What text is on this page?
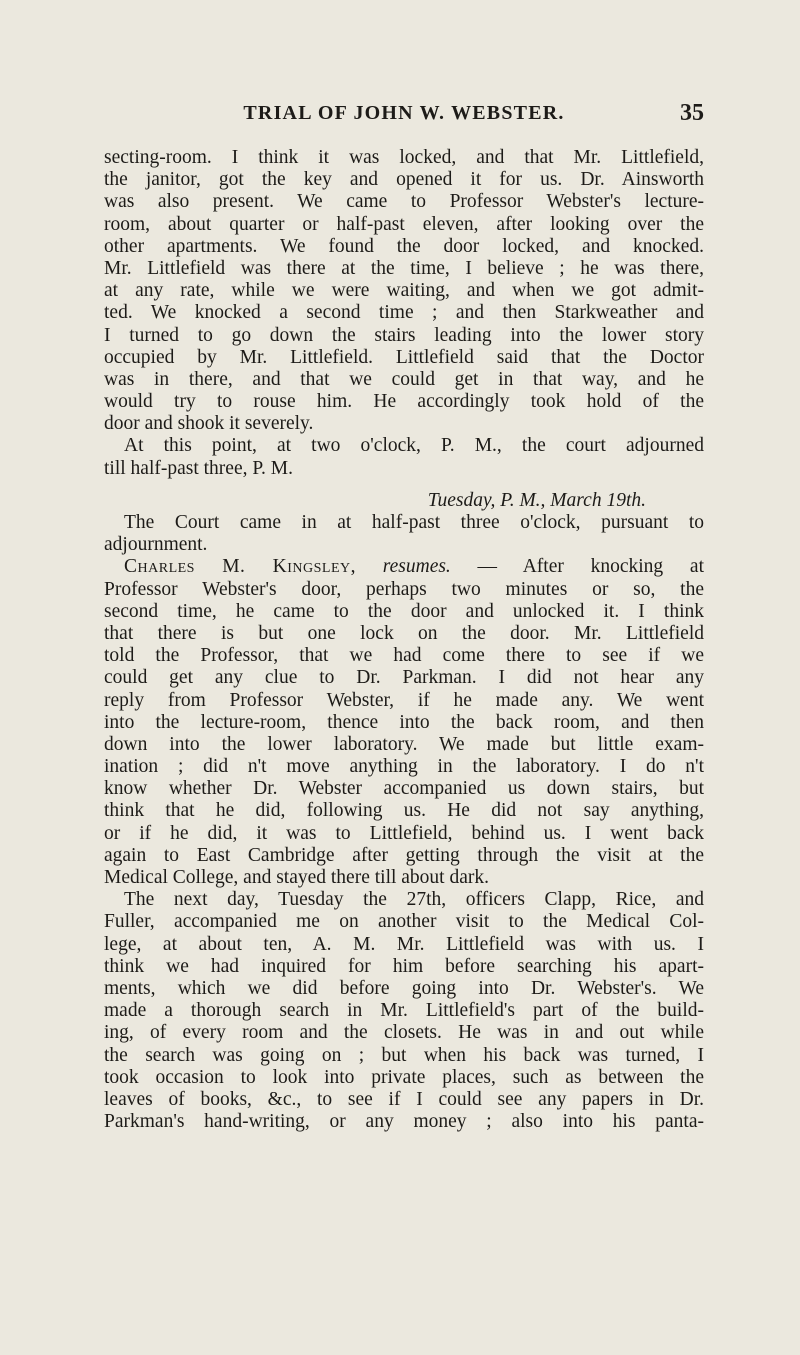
TRIAL OF JOHN W. WEBSTER.	35
secting-room. I think it was locked, and that Mr. Littlefield,
the janitor, got the key and opened it for us. Dr. Ainsworth
was also present. We came to Professor Webster's lecture-
room, about quarter or half-past eleven, after looking over the
other apartments. We found the door locked, and knocked.
Mr. Littlefield was there at the time, I believe ; he was there,
at any rate, while we were waiting, and when we got admit-
ted. We knocked a second time ; and then Starkweather and
I turned to go down the stairs leading into the lower story
occupied by Mr. Littlefield. Littlefield said that the Doctor
was in there, and that we could get in that way, and he
would try to rouse him. He accordingly took hold of the
door and shook it severely.
At this point, at two o'clock, P. M., the court adjourned
till half-past three, P. M.
Tuesday, P. M., March 19th.
The Court came in at half-past three o'clock, pursuant to
adjournment.
Charles M. Kingsley, resumes. — After knocking at
Professor Webster's door, perhaps two minutes or so, the
second time, he came to the door and unlocked it. I think
that there is but one lock on the door. Mr. Littlefield
told the Professor, that we had come there to see if we
could get any clue to Dr. Parkman. I did not hear any
reply from Professor Webster, if he made any. We went
into the lecture-room, thence into the back room, and then
down into the lower laboratory. We made but little exam-
ination ; did n't move anything in the laboratory. I do n't
know whether Dr. Webster accompanied us down stairs, but
think that he did, following us. He did not say anything,
or if he did, it was to Littlefield, behind us. I went back
again to East Cambridge after getting through the visit at the
Medical College, and stayed there till about dark.
The next day, Tuesday the 27th, officers Clapp, Rice, and
Fuller, accompanied me on another visit to the Medical Col-
lege, at about ten, A. M. Mr. Littlefield was with us. I
think we had inquired for him before searching his apart-
ments, which we did before going into Dr. Webster's. We
made a thorough search in Mr. Littlefield's part of the build-
ing, of every room and the closets. He was in and out while
the search was going on ; but when his back was turned, I
took occasion to look into private places, such as between the
leaves of books, &c., to see if I could see any papers in Dr.
Parkman's hand-writing, or any money ; also into his panta-
